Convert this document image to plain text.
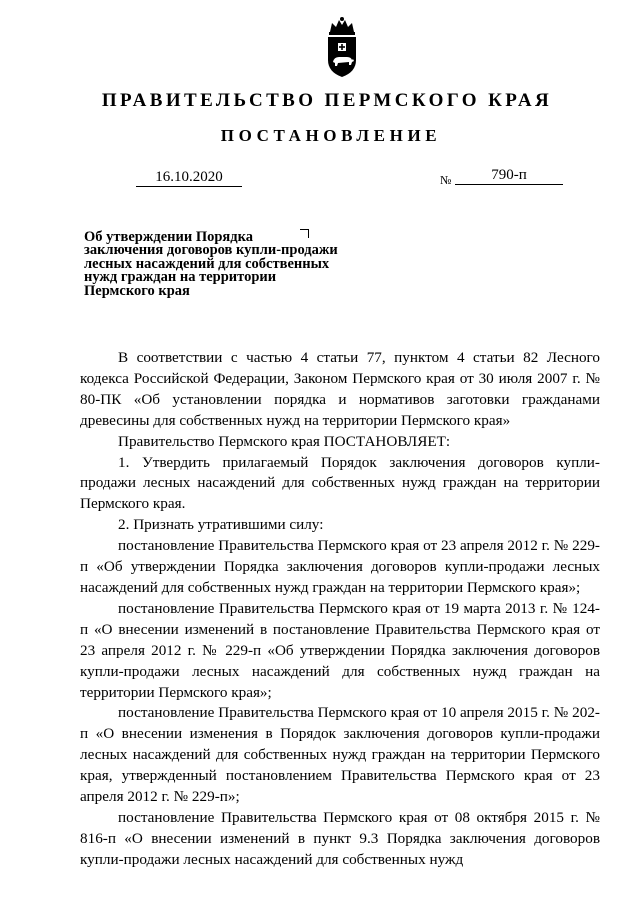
ПРАВИТЕЛЬСТВО ПЕРМСКОГО КРАЯ
ПОСТАНОВЛЕНИЕ
16.10.2020	№	790-п
Об утверждении Порядка
заключения договоров купли-продажи
лесных насаждений для собственных
нужд граждан на территории
Пермского края

В соответствии с частью 4 статьи 77, пунктом 4 статьи 82 Лесного кодекса Российской Федерации, Законом Пермского края от 30 июля 2007 г. № 80-ПК «Об установлении порядка и нормативов заготовки гражданами древесины для собственных нужд на территории Пермского края»

Правительство Пермского края ПОСТАНОВЛЯЕТ:

1. Утвердить прилагаемый Порядок заключения договоров купли-продажи лесных насаждений для собственных нужд граждан на территории Пермского края.

2. Признать утратившими силу:

постановление Правительства Пермского края от 23 апреля 2012 г. № 229-п «Об утверждении Порядка заключения договоров купли-продажи лесных насаждений для собственных нужд граждан на территории Пермского края»;

постановление Правительства Пермского края от 19 марта 2013 г. № 124-п «О внесении изменений в постановление Правительства Пермского края от 23 апреля 2012 г. № 229-п «Об утверждении Порядка заключения договоров купли-продажи лесных насаждений для собственных нужд граждан на территории Пермского края»;

постановление Правительства Пермского края от 10 апреля 2015 г. № 202-п «О внесении изменения в Порядок заключения договоров купли-продажи лесных насаждений для собственных нужд граждан на территории Пермского края, утвержденный постановлением Правительства Пермского края от 23 апреля 2012 г. № 229-п»;

постановление Правительства Пермского края от 08 октября 2015 г. № 816-п «О внесении изменений в пункт 9.3 Порядка заключения договоров купли-продажи лесных насаждений для собственных нужд
